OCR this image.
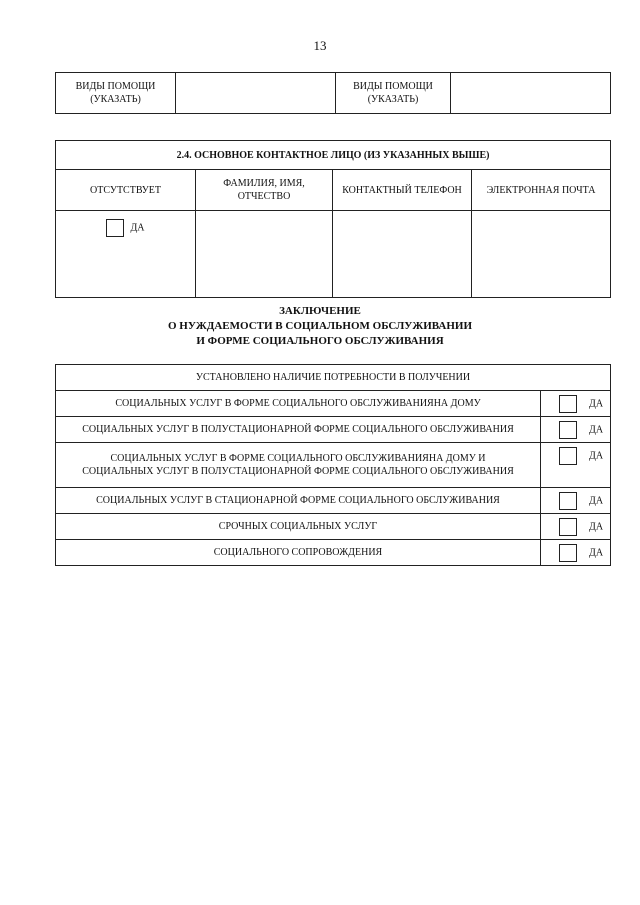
13
ВИДЫ ПОМОЩИ (УКАЗАТЬ)		ВИДЫ ПОМОЩИ (УКАЗАТЬ)	
2.4. ОСНОВНОЕ КОНТАКТНОЕ ЛИЦО (ИЗ УКАЗАННЫХ ВЫШЕ)			
ОТСУТСТВУЕТ	ФАМИЛИЯ, ИМЯ, ОТЧЕСТВО	КОНТАКТНЫЙ ТЕЛЕФОН	ЭЛЕКТРОННАЯ ПОЧТА
ДА			
ЗАКЛЮЧЕНИЕ
О НУЖДАЕМОСТИ В СОЦИАЛЬНОМ ОБСЛУЖИВАНИИ
И ФОРМЕ СОЦИАЛЬНОГО ОБСЛУЖИВАНИЯ
УСТАНОВЛЕНО НАЛИЧИЕ ПОТРЕБНОСТИ В ПОЛУЧЕНИИ	
СОЦИАЛЬНЫХ УСЛУГ В ФОРМЕ СОЦИАЛЬНОГО ОБСЛУЖИВАНИЯНА ДОМУ	ДА
СОЦИАЛЬНЫХ УСЛУГ В ПОЛУСТАЦИОНАРНОЙ ФОРМЕ СОЦИАЛЬНОГО ОБСЛУЖИВАНИЯ	ДА

СОЦИАЛЬНЫХ УСЛУГ В ФОРМЕ СОЦИАЛЬНОГО ОБСЛУЖИВАНИЯНА ДОМУ И
СОЦИАЛЬНЫХ УСЛУГ В ПОЛУСТАЦИОНАРНОЙ ФОРМЕ СОЦИАЛЬНОГО ОБСЛУЖИВАНИЯ	ДА
СОЦИАЛЬНЫХ УСЛУГ В СТАЦИОНАРНОЙ ФОРМЕ СОЦИАЛЬНОГО ОБСЛУЖИВАНИЯ	ДА
СРОЧНЫХ СОЦИАЛЬНЫХ УСЛУГ	ДА
СОЦИАЛЬНОГО СОПРОВОЖДЕНИЯ	ДА
